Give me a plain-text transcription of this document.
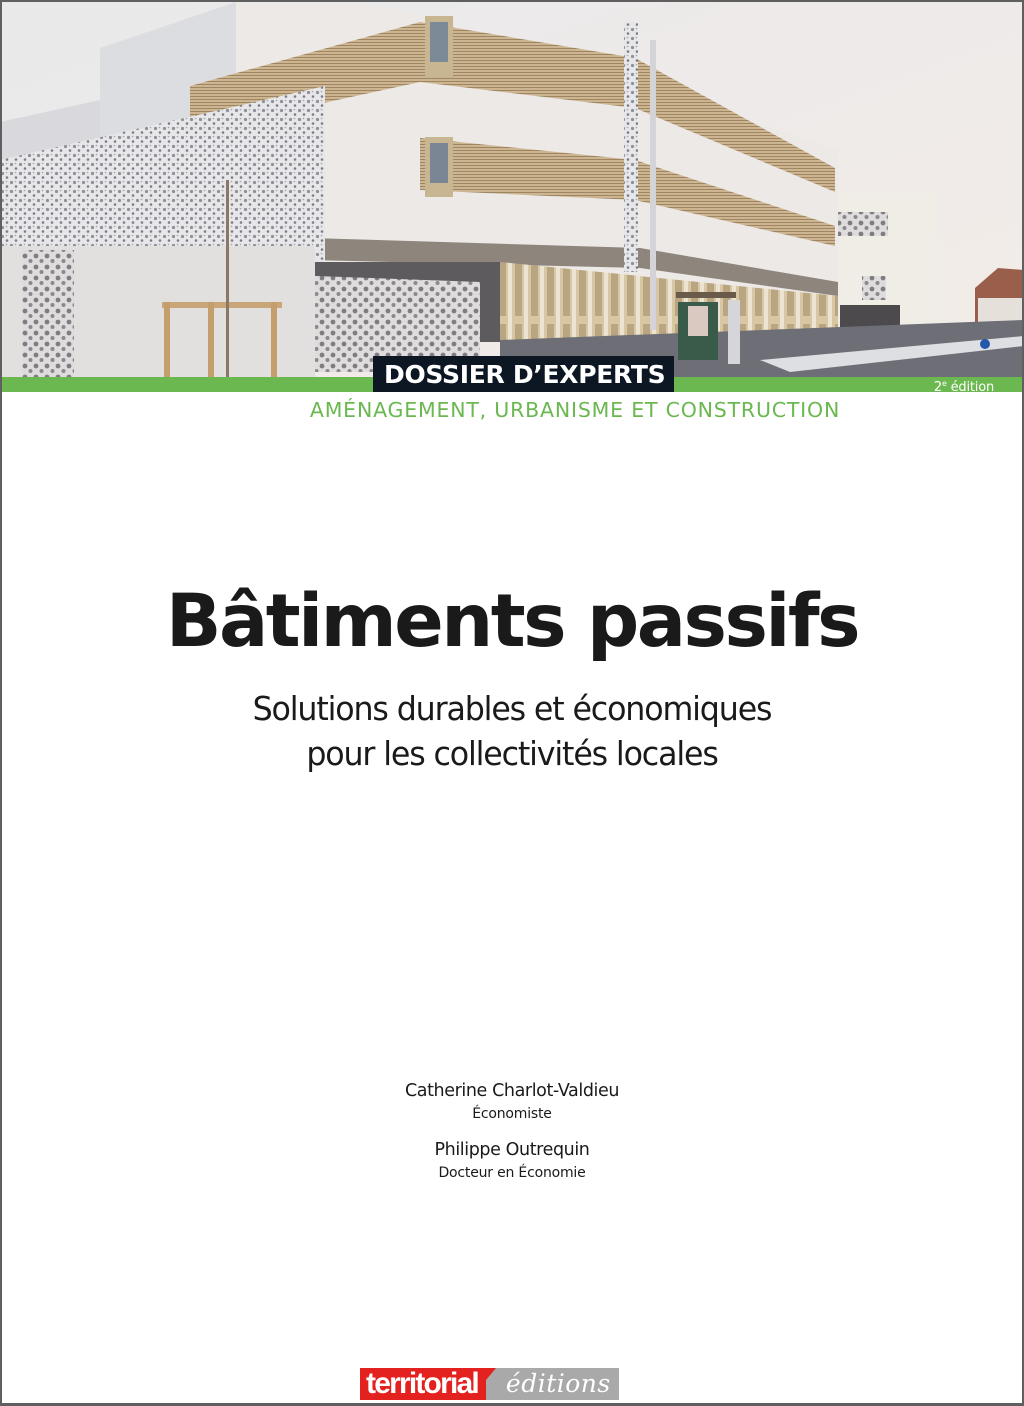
DOSSIER D’EXPERTS	2e édition
AMÉNAGEMENT, URBANISME ET CONSTRUCTION
Bâtiments passifs
Solutions durables et économiques
pour les collectivités locales
Catherine Charlot-Valdieu
Économiste
Philippe Outrequin
Docteur en Économie
territorial	éditions
